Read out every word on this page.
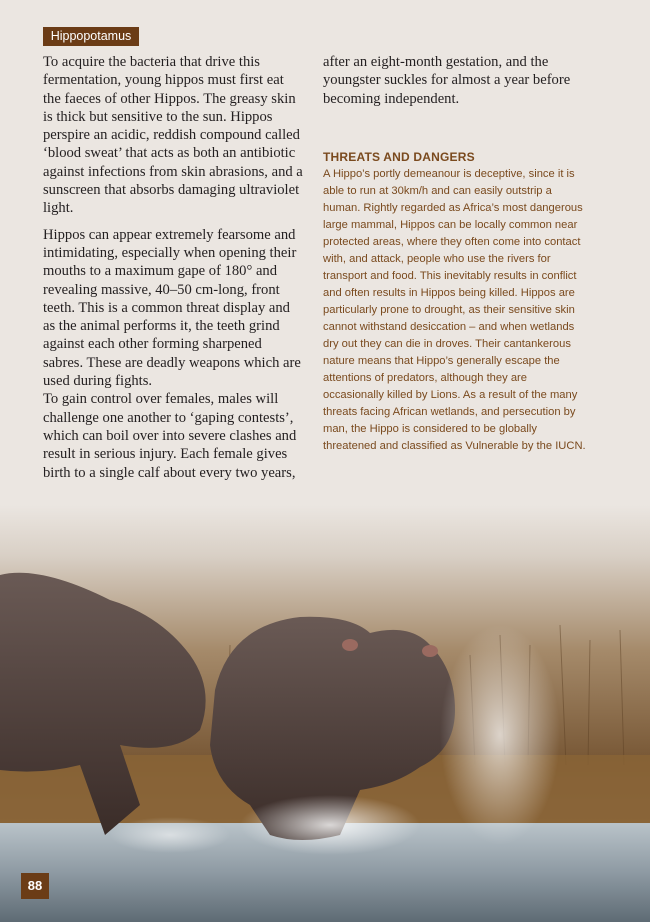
Hippopotamus

To acquire the bacteria that drive this fermentation, young hippos must first eat the faeces of other Hippos. The greasy skin is thick but sensitive to the sun. Hippos perspire an acidic, reddish compound called ‘blood sweat’ that acts as both an antibiotic against infections from skin abrasions, and a sunscreen that absorbs damaging ultraviolet light.

Hippos can appear extremely fearsome and intimidating, especially when opening their mouths to a maximum gape of 180° and revealing massive, 40–50 cm-long, front teeth. This is a common threat display and as the animal performs it, the teeth grind against each other forming sharpened sabres. These are deadly weapons which are used during fights.

To gain control over females, males will challenge one another to ‘gaping contests’, which can boil over into severe clashes and result in serious injury. Each female gives birth to a single calf about every two years,

after an eight-month gestation, and the youngster suckles for almost a year before becoming independent.

THREATS AND DANGERS
A Hippo’s portly demeanour is deceptive, since it is able to run at 30km/h and can easily outstrip a human. Rightly regarded as Africa’s most dangerous large mammal, Hippos can be locally common near protected areas, where they often come into contact with, and attack, people who use the rivers for transport and food. This inevitably results in conflict and often results in Hippos being killed. Hippos are particularly prone to drought, as their sensitive skin cannot withstand desiccation – and when wetlands dry out they can die in droves. Their cantankerous nature means that Hippo’s generally escape the attentions of predators, although they are occasionally killed by Lions. As a result of the many threats facing African wetlands, and persecution by man, the Hippo is considered to be globally threatened and classified as Vulnerable by the IUCN.
88
